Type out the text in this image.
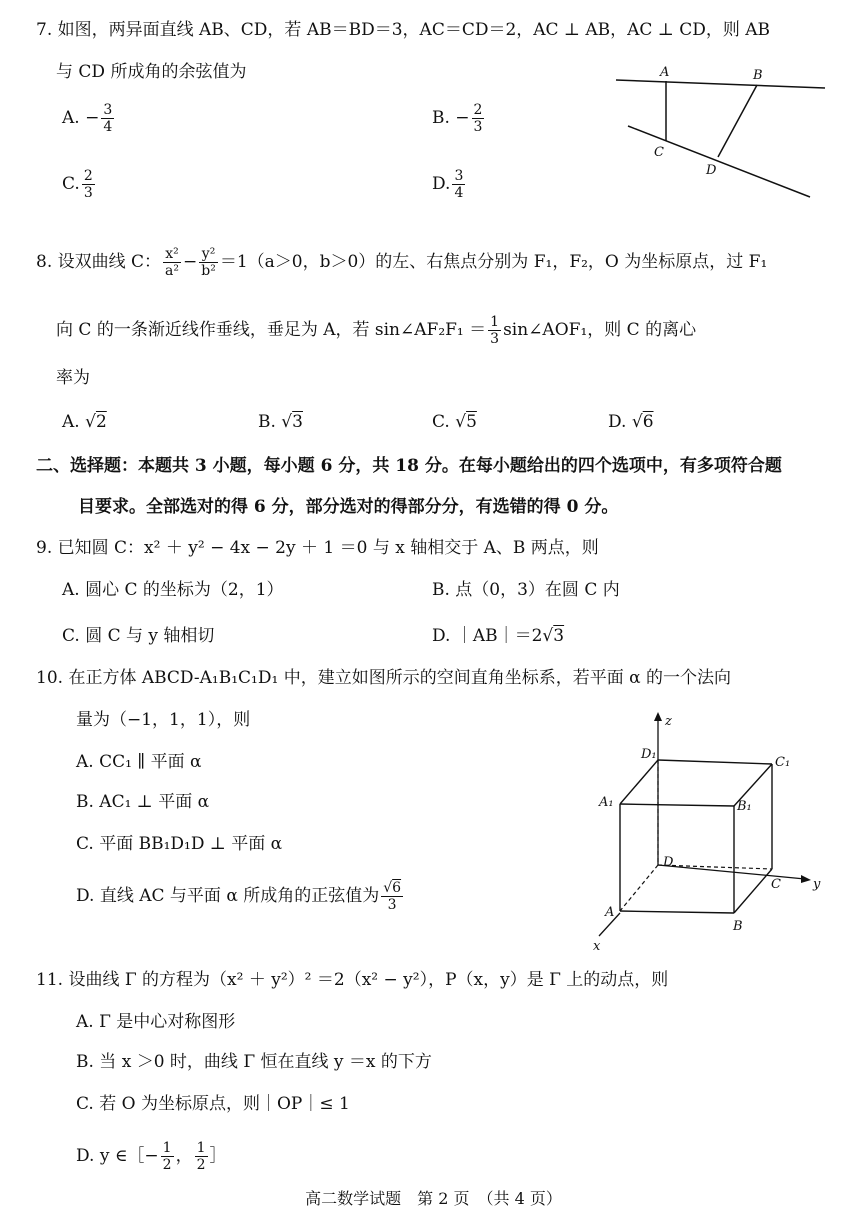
7. 如图，两异面直线 AB、CD，若 AB＝BD＝3，AC＝CD＝2，AC ⊥ AB，AC ⊥ CD，则 AB
与 CD 所成角的余弦值为
A. − $\frac{3}{4}$	B. − $\frac{2}{3}$
C. $\frac{2}{3}$	D. $\frac{3}{4}$
A	B
C
D
8. 设双曲线 C： $\frac{\text{x²}}{\text{a²}} - \frac{\text{y²}}{\text{b²}} =1(a>0$，b＞0）的左、右焦点分别为 F₁，F₂，O 为坐标原点，过 F₁
向 C 的一条渐近线作垂线，垂足为 A，若 sin∠AF₂F₁ ＝ $\frac{1}{3}$ sin∠AOF₁，则 C 的离心
率为
A. √2	B. √3	C. √5	D. √6
二、选择题：本题共 3 小题，每小题 6 分，共 18 分。在每小题给出的四个选项中，有多项符合题
目要求。全部选对的得 6 分，部分选对的得部分分，有选错的得 0 分。
9. 已知圆 C：x² ＋ y² − 4x − 2y ＋ 1 ＝0 与 x 轴相交于 A、B 两点，则
A. 圆心 C 的坐标为（2，1）	B. 点（0，3）在圆 C 内
C. 圆 C 与 y 轴相切	D. ｜AB｜＝2√3
10. 在正方体 ABCD-A₁B₁C₁D₁ 中，建立如图所示的空间直角坐标系，若平面 α 的一个法向
量为（−1，1，1），则
A. CC₁ ∥ 平面 α
B. AC₁ ⊥ 平面 α
C. 平面 BB₁D₁D ⊥ 平面 α
D. 直线 AC 与平面 α 所成角的正弦值为 $\frac{√6}{3}$
z
y
x
D₁
C₁
A₁	B₁
D
C
A
B
11. 设曲线 Γ 的方程为（x² ＋ y²）² ＝2（x² − y²），P（x，y）是 Γ 上的动点，则
A. Γ 是中心对称图形
B. 当 x ＞0 时，曲线 Γ 恒在直线 y ＝x 的下方
C. 若 O 为坐标原点，则｜OP｜≤ 1
D. y ∈［− $\frac{1}{2}$ ， $\frac{1}{2}$ ］
高二数学试题　第 2 页　（共 4 页）
